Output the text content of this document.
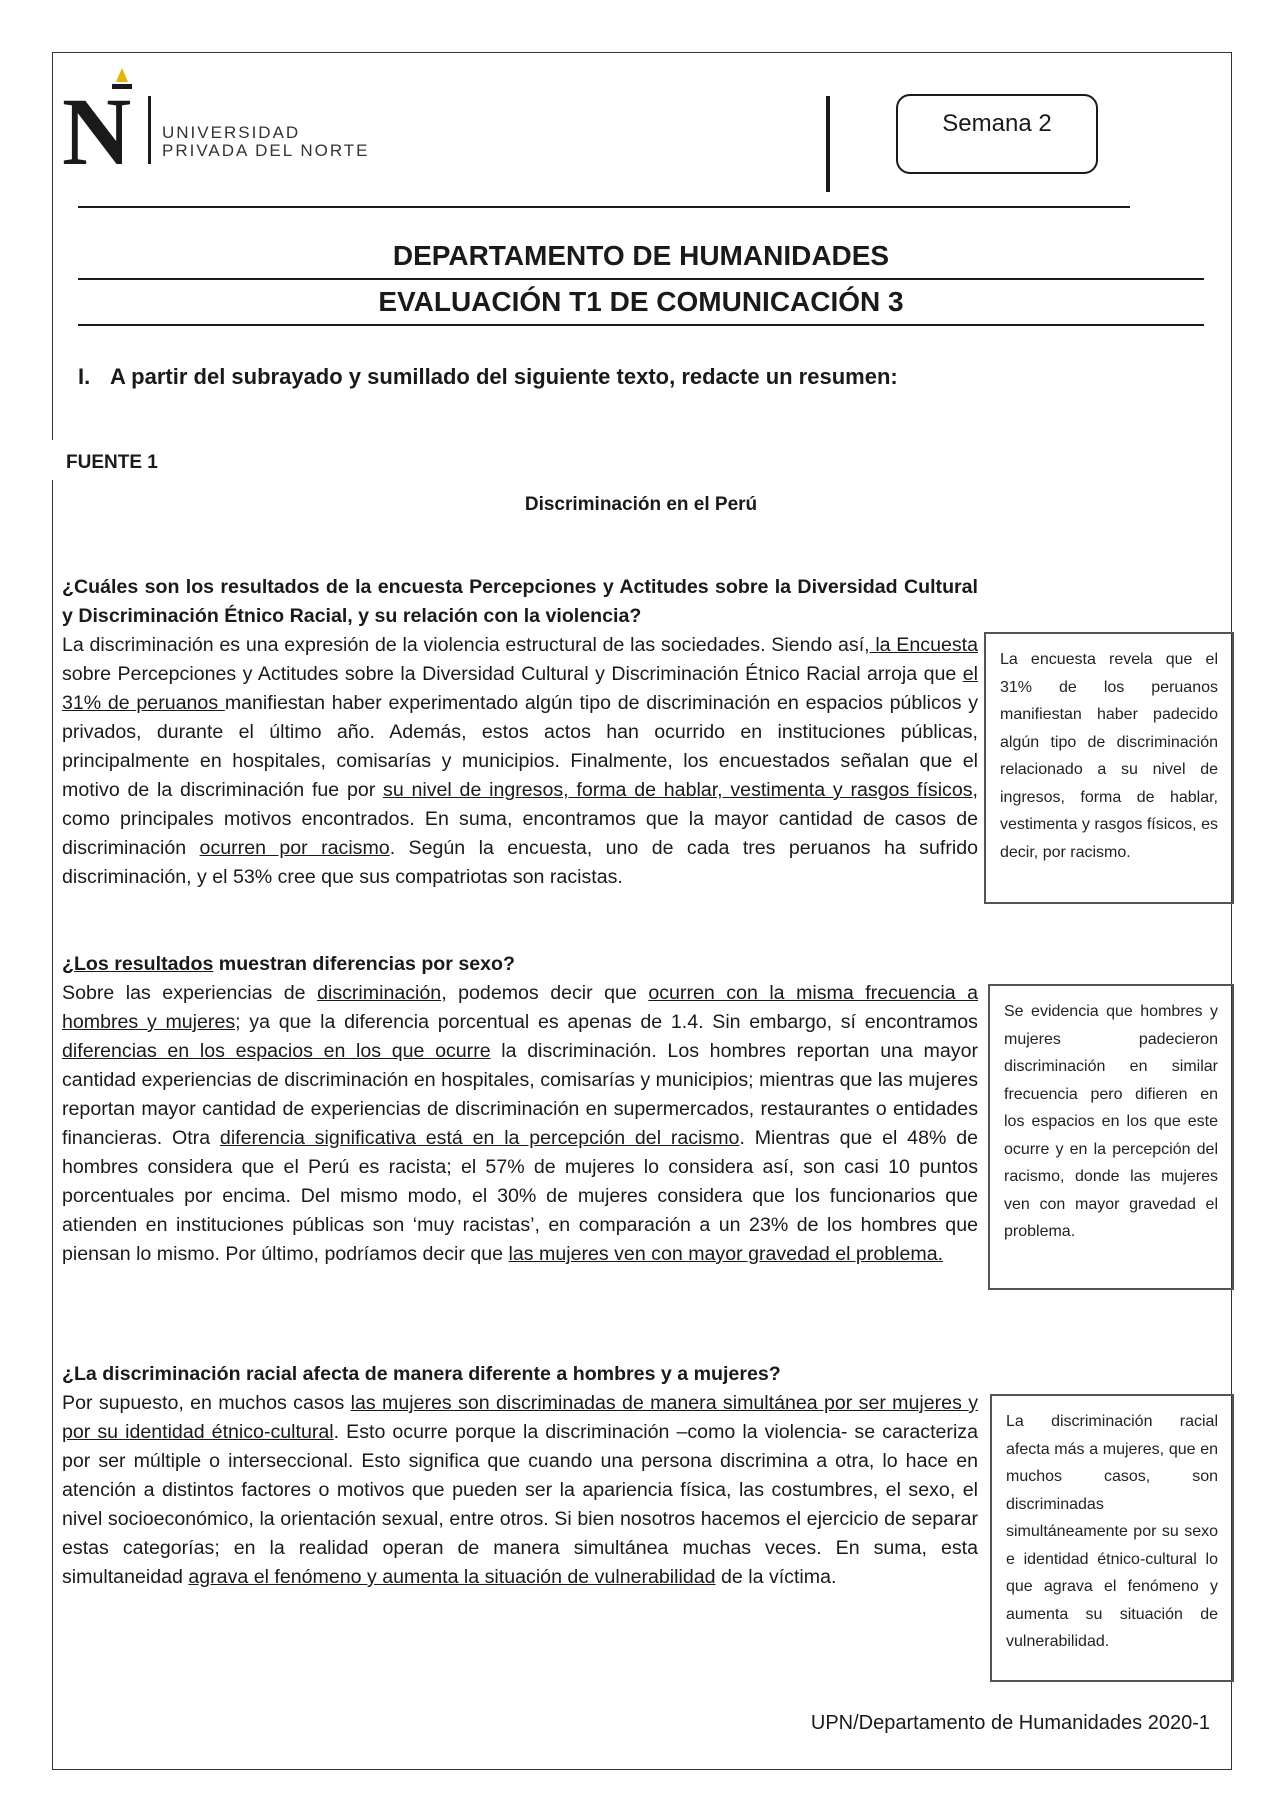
N UNIVERSIDAD
PRIVADA DEL NORTE
Semana 2
DEPARTAMENTO DE HUMANIDADES
EVALUACIÓN T1 DE COMUNICACIÓN 3
I. A partir del subrayado y sumillado del siguiente texto, redacte un resumen:
FUENTE 1
Discriminación en el Perú
¿Cuáles son los resultados de la encuesta Percepciones y Actitudes sobre la Diversidad Cultural y Discriminación Étnico Racial, y su relación con la violencia?
La discriminación es una expresión de la violencia estructural de las sociedades. Siendo así, la Encuesta sobre Percepciones y Actitudes sobre la Diversidad Cultural y Discriminación Étnico Racial arroja que el 31% de peruanos manifiestan haber experimentado algún tipo de discriminación en espacios públicos y privados, durante el último año. Además, estos actos han ocurrido en instituciones públicas, principalmente en hospitales, comisarías y municipios. Finalmente, los encuestados señalan que el motivo de la discriminación fue por su nivel de ingresos, forma de hablar, vestimenta y rasgos físicos, como principales motivos encontrados. En suma, encontramos que la mayor cantidad de casos de discriminación ocurren por racismo. Según la encuesta, uno de cada tres peruanos ha sufrido discriminación, y el 53% cree que sus compatriotas son racistas.
La encuesta revela que el 31% de los peruanos manifiestan haber padecido algún tipo de discriminación relacionado a su nivel de ingresos, forma de hablar, vestimenta y rasgos físicos, es decir, por racismo.
¿Los resultados muestran diferencias por sexo?
Sobre las experiencias de discriminación, podemos decir que ocurren con la misma frecuencia a hombres y mujeres; ya que la diferencia porcentual es apenas de 1.4. Sin embargo, sí encontramos diferencias en los espacios en los que ocurre la discriminación. Los hombres reportan una mayor cantidad experiencias de discriminación en hospitales, comisarías y municipios; mientras que las mujeres reportan mayor cantidad de experiencias de discriminación en supermercados, restaurantes o entidades financieras. Otra diferencia significativa está en la percepción del racismo. Mientras que el 48% de hombres considera que el Perú es racista; el 57% de mujeres lo considera así, son casi 10 puntos porcentuales por encima. Del mismo modo, el 30% de mujeres considera que los funcionarios que atienden en instituciones públicas son ‘muy racistas’, en comparación a un 23% de los hombres que piensan lo mismo. Por último, podríamos decir que las mujeres ven con mayor gravedad el problema.
Se evidencia que hombres y mujeres padecieron discriminación en similar frecuencia pero difieren en los espacios en los que este ocurre y en la percepción del racismo, donde las mujeres ven con mayor gravedad el problema.
¿La discriminación racial afecta de manera diferente a hombres y a mujeres?
Por supuesto, en muchos casos las mujeres son discriminadas de manera simultánea por ser mujeres y por su identidad étnico-cultural. Esto ocurre porque la discriminación –como la violencia- se caracteriza por ser múltiple o interseccional. Esto significa que cuando una persona discrimina a otra, lo hace en atención a distintos factores o motivos que pueden ser la apariencia física, las costumbres, el sexo, el nivel socioeconómico, la orientación sexual, entre otros. Si bien nosotros hacemos el ejercicio de separar estas categorías; en la realidad operan de manera simultánea muchas veces. En suma, esta simultaneidad agrava el fenómeno y aumenta la situación de vulnerabilidad de la víctima.
La discriminación racial afecta más a mujeres, que en muchos casos, son discriminadas simultáneamente por su sexo e identidad étnico-cultural lo que agrava el fenómeno y aumenta su situación de vulnerabilidad.
UPN/Departamento de Humanidades 2020-1
